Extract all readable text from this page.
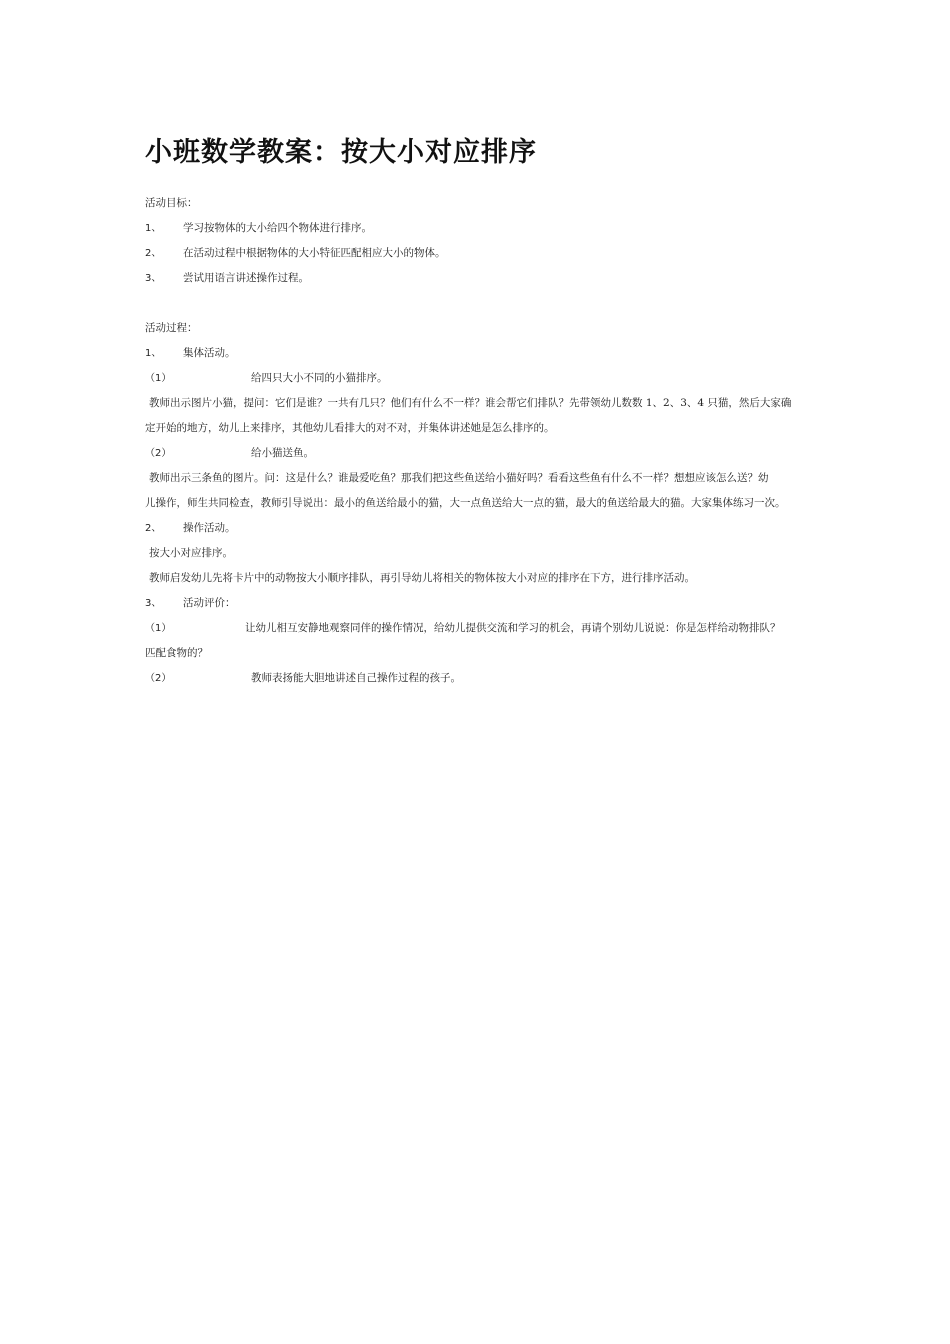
小班数学教案：按大小对应排序
活动目标：
1、 学习按物体的大小给四个物体进行排序。
2、 在活动过程中根据物体的大小特征匹配相应大小的物体。
3、 尝试用语言讲述操作过程。
活动过程：
1、 集体活动。
（1）	给四只大小不同的小猫排序。
教师出示图片小猫，提问：它们是谁？一共有几只？他们有什么不一样？谁会帮它们排队？先带领幼儿数数 1、2、3、4 只猫，然后大家确
定开始的地方，幼儿上来排序，其他幼儿看排大的对不对，并集体讲述她是怎么排序的。
（2）	给小猫送鱼。
教师出示三条鱼的图片。问：这是什么？谁最爱吃鱼？那我们把这些鱼送给小猫好吗？看看这些鱼有什么不一样？想想应该怎么送？幼
儿操作，师生共同检查，教师引导说出：最小的鱼送给最小的猫，大一点鱼送给大一点的猫，最大的鱼送给最大的猫。大家集体练习一次。
2、 操作活动。
按大小对应排序。
教师启发幼儿先将卡片中的动物按大小顺序排队，再引导幼儿将相关的物体按大小对应的排序在下方，进行排序活动。
3、 活动评价：
（1）	让幼儿相互安静地观察同伴的操作情况，给幼儿提供交流和学习的机会，再请个别幼儿说说：你是怎样给动物排队？
匹配食物的？
（2）	教师表扬能大胆地讲述自己操作过程的孩子。
